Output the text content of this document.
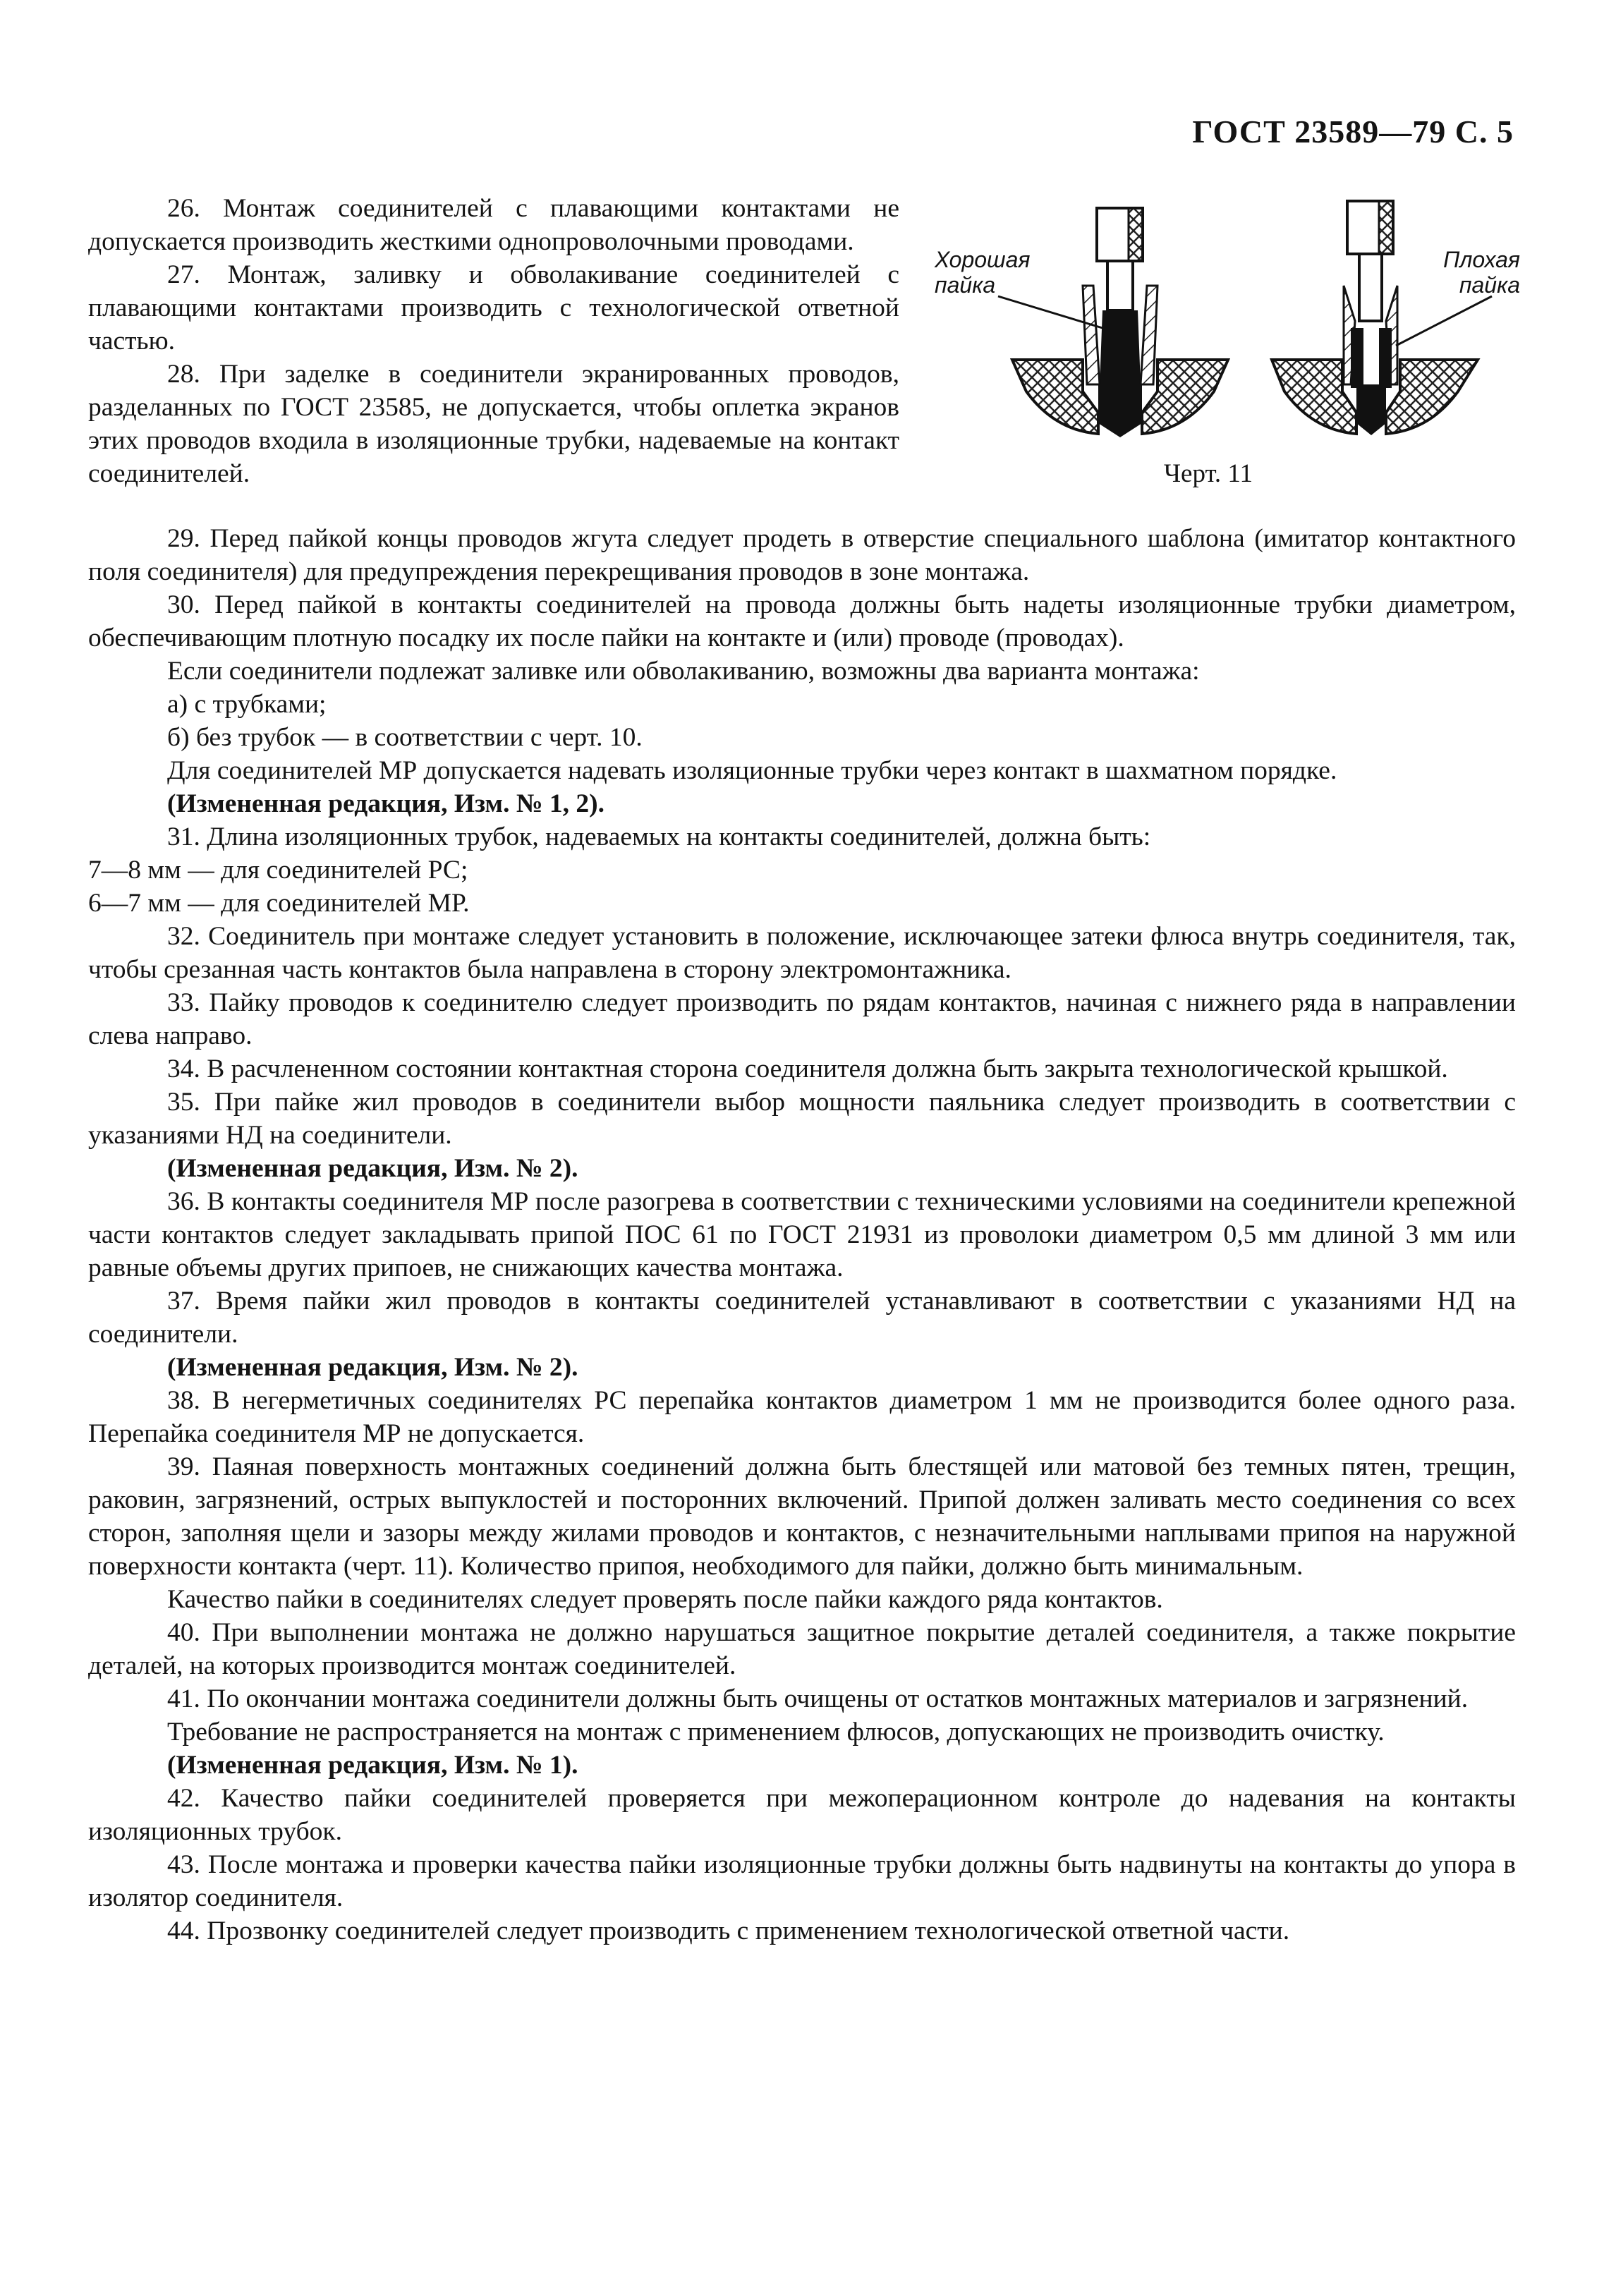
ГОСТ 23589—79 С. 5

26. Монтаж соединителей с плавающими контактами не допускается производить жесткими однопроволочными проводами.

27. Монтаж, заливку и обволакивание соединителей с плавающими контактами производить с технологической ответной частью.

28. При заделке в соединители экранированных проводов, разделанных по ГОСТ 23585, не допускается, чтобы оплетка экранов этих проводов входила в изоляционные трубки, надеваемые на контакт соединителей.

Хорошая пайка
Плохая пайка
Черт. 11

29. Перед пайкой концы проводов жгута следует продеть в отверстие специального шаблона (имитатор контактного поля соединителя) для предупреждения перекрещивания проводов в зоне монтажа.

30. Перед пайкой в контакты соединителей на провода должны быть надеты изоляционные трубки диаметром, обеспечивающим плотную посадку их после пайки на контакте и (или) проводе (проводах).

Если соединители подлежат заливке или обволакиванию, возможны два варианта монтажа:

а) с трубками;

б) без трубок — в соответствии с черт. 10.

Для соединителей МР допускается надевать изоляционные трубки через контакт в шахматном порядке.

(Измененная редакция, Изм. № 1, 2).

31. Длина изоляционных трубок, надеваемых на контакты соединителей, должна быть:

7—8 мм — для соединителей РС;

6—7 мм — для соединителей МР.

32. Соединитель при монтаже следует установить в положение, исключающее затеки флюса внутрь соединителя, так, чтобы срезанная часть контактов была направлена в сторону электромонтажника.

33. Пайку проводов к соединителю следует производить по рядам контактов, начиная с нижнего ряда в направлении слева направо.

34. В расчлененном состоянии контактная сторона соединителя должна быть закрыта технологической крышкой.

35. При пайке жил проводов в соединители выбор мощности паяльника следует производить в соответствии с указаниями НД на соединители.

(Измененная редакция, Изм. № 2).

36. В контакты соединителя МР после разогрева в соответствии с техническими условиями на соединители крепежной части контактов следует закладывать припой ПОС 61 по ГОСТ 21931 из проволоки диаметром 0,5 мм длиной 3 мм или равные объемы других припоев, не снижающих качества монтажа.

37. Время пайки жил проводов в контакты соединителей устанавливают в соответствии с указаниями НД на соединители.

(Измененная редакция, Изм. № 2).

38. В негерметичных соединителях РС перепайка контактов диаметром 1 мм не производится более одного раза. Перепайка соединителя МР не допускается.

39. Паяная поверхность монтажных соединений должна быть блестящей или матовой без темных пятен, трещин, раковин, загрязнений, острых выпуклостей и посторонних включений. Припой должен заливать место соединения со всех сторон, заполняя щели и зазоры между жилами проводов и контактов, с незначительными наплывами припоя на наружной поверхности контакта (черт. 11). Количество припоя, необходимого для пайки, должно быть минимальным.

Качество пайки в соединителях следует проверять после пайки каждого ряда контактов.

40. При выполнении монтажа не должно нарушаться защитное покрытие деталей соединителя, а также покрытие деталей, на которых производится монтаж соединителей.

41. По окончании монтажа соединители должны быть очищены от остатков монтажных материалов и загрязнений.

Требование не распространяется на монтаж с применением флюсов, допускающих не производить очистку.

(Измененная редакция, Изм. № 1).

42. Качество пайки соединителей проверяется при межоперационном контроле до надевания на контакты изоляционных трубок.

43. После монтажа и проверки качества пайки изоляционные трубки должны быть надвинуты на контакты до упора в изолятор соединителя.

44. Прозвонку соединителей следует производить с применением технологической ответной части.
